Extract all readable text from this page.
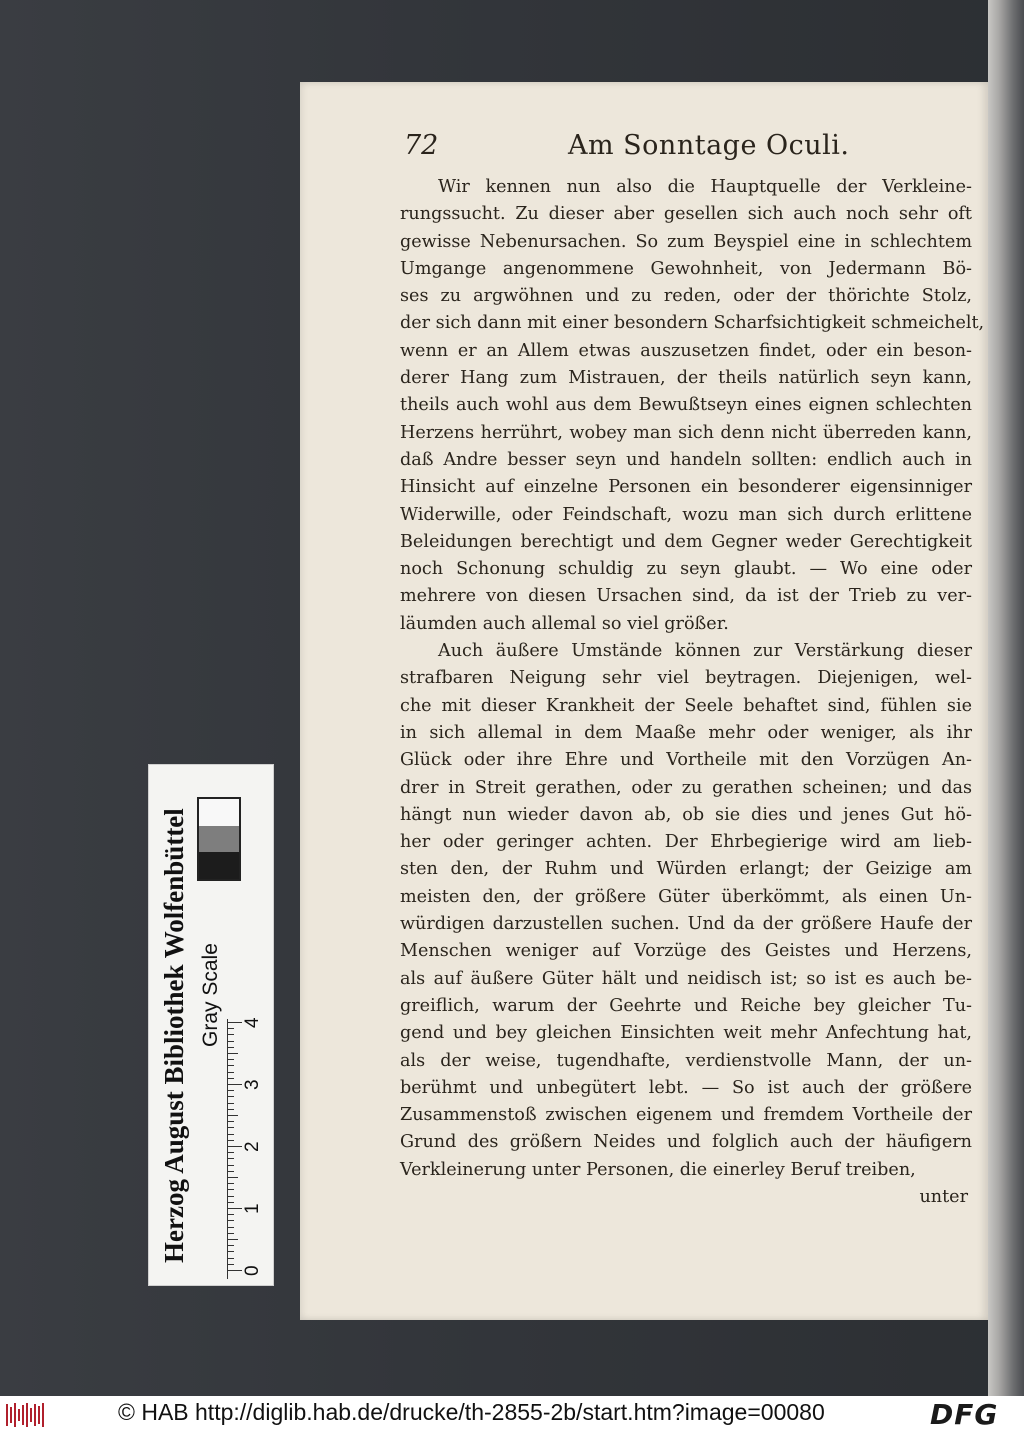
72	Am Sonntage Oculi.
Wir kennen nun also die Hauptquelle der Verkleine-
rungssucht. Zu dieser aber gesellen sich auch noch sehr oft
gewisse Nebenursachen. So zum Beyspiel eine in schlechtem
Umgange angenommene Gewohnheit, von Jedermann Bö-
ses zu argwöhnen und zu reden, oder der thörichte Stolz,
der sich dann mit einer besondern Scharfsichtigkeit schmeichelt,
wenn er an Allem etwas auszusetzen findet, oder ein beson-
derer Hang zum Mistrauen, der theils natürlich seyn kann,
theils auch wohl aus dem Bewußtseyn eines eignen schlechten
Herzens herrührt, wobey man sich denn nicht überreden kann,
daß Andre besser seyn und handeln sollten: endlich auch in
Hinsicht auf einzelne Personen ein besonderer eigensinniger
Widerwille, oder Feindschaft, wozu man sich durch erlittene
Beleidungen berechtigt und dem Gegner weder Gerechtigkeit
noch Schonung schuldig zu seyn glaubt. — Wo eine oder
mehrere von diesen Ursachen sind, da ist der Trieb zu ver-
läumden auch allemal so viel größer.
Auch äußere Umstände können zur Verstärkung dieser
strafbaren Neigung sehr viel beytragen. Diejenigen, wel-
che mit dieser Krankheit der Seele behaftet sind, fühlen sie
in sich allemal in dem Maaße mehr oder weniger, als ihr
Glück oder ihre Ehre und Vortheile mit den Vorzügen An-
drer in Streit gerathen, oder zu gerathen scheinen; und das
hängt nun wieder davon ab, ob sie dies und jenes Gut hö-
her oder geringer achten. Der Ehrbegierige wird am lieb-
sten den, der Ruhm und Würden erlangt; der Geizige am
meisten den, der größere Güter überkömmt, als einen Un-
würdigen darzustellen suchen. Und da der größere Haufe der
Menschen weniger auf Vorzüge des Geistes und Herzens,
als auf äußere Güter hält und neidisch ist; so ist es auch be-
greiflich, warum der Geehrte und Reiche bey gleicher Tu-
gend und bey gleichen Einsichten weit mehr Anfechtung hat,
als der weise, tugendhafte, verdienstvolle Mann, der un-
berühmt und unbegütert lebt. — So ist auch der größere
Zusammenstoß zwischen eigenem und fremdem Vortheile der
Grund des größern Neides und folglich auch der häufigern
Verkleinerung unter Personen, die einerley Beruf treiben,
unter
Herzog August Bibliothek Wolfenbüttel
0
1
2
3
4
Gray Scale
© HAB http://diglib.hab.de/drucke/th-2855-2b/start.htm?image=00080	DFG
